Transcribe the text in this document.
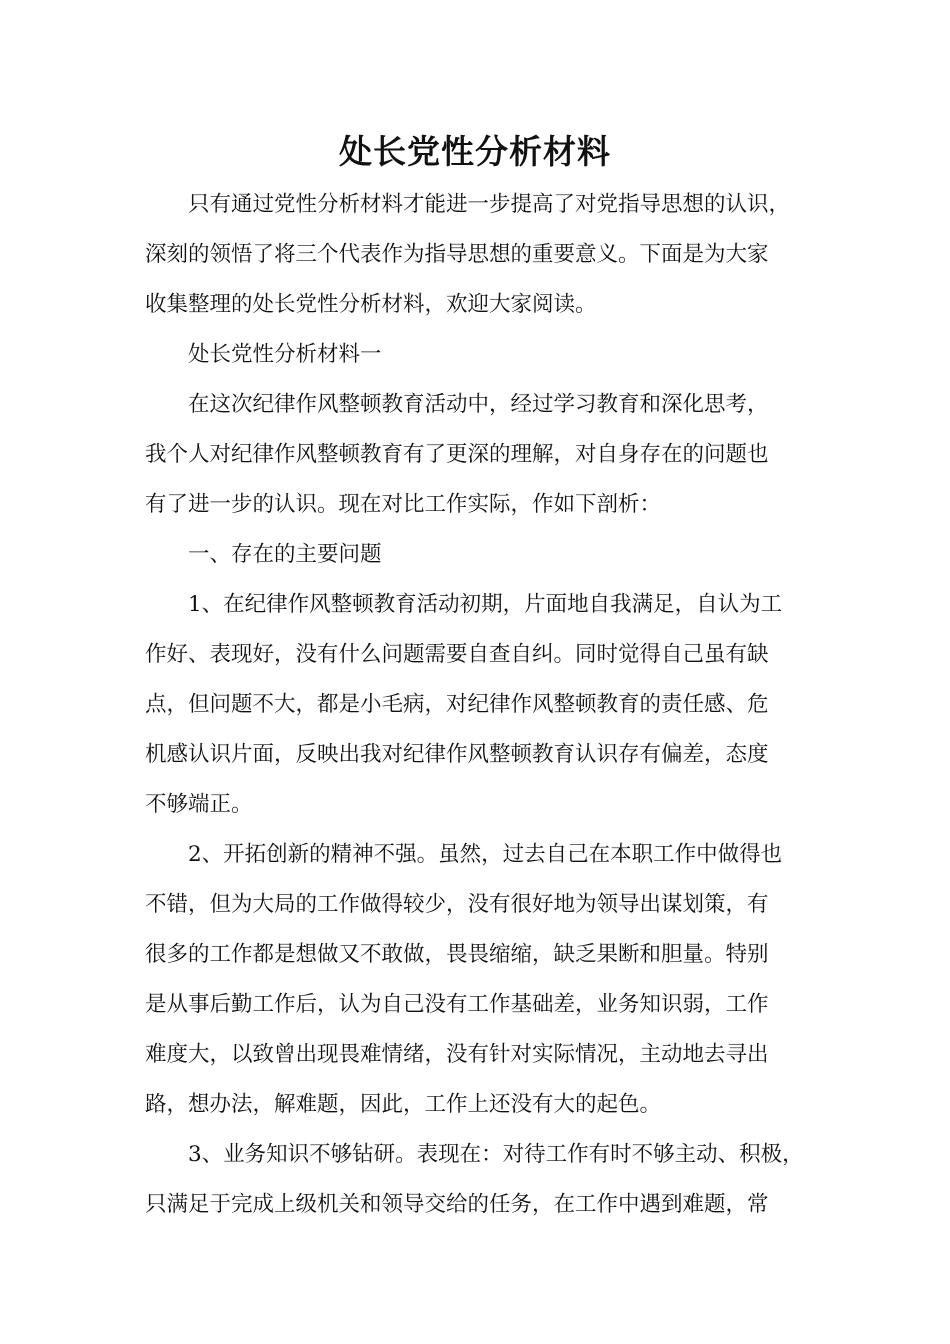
处长党性分析材料

只有通过党性分析材料才能进一步提高了对党指导思想的认识，
深刻的领悟了将三个代表作为指导思想的重要意义。下面是为大家
收集整理的处长党性分析材料，欢迎大家阅读。

处长党性分析材料一

在这次纪律作风整顿教育活动中，经过学习教育和深化思考，
我个人对纪律作风整顿教育有了更深的理解，对自身存在的问题也
有了进一步的认识。现在对比工作实际，作如下剖析：

一、存在的主要问题

1、在纪律作风整顿教育活动初期，片面地自我满足，自认为工
作好、表现好，没有什么问题需要自查自纠。同时觉得自己虽有缺
点，但问题不大，都是小毛病，对纪律作风整顿教育的责任感、危
机感认识片面，反映出我对纪律作风整顿教育认识存有偏差，态度
不够端正。

2、开拓创新的精神不强。虽然，过去自己在本职工作中做得也
不错，但为大局的工作做得较少，没有很好地为领导出谋划策，有
很多的工作都是想做又不敢做，畏畏缩缩，缺乏果断和胆量。特别
是从事后勤工作后，认为自己没有工作基础差，业务知识弱，工作
难度大，以致曾出现畏难情绪，没有针对实际情况，主动地去寻出
路，想办法，解难题，因此，工作上还没有大的起色。

3、业务知识不够钻研。表现在：对待工作有时不够主动、积极，
只满足于完成上级机关和领导交给的任务，在工作中遇到难题，常
